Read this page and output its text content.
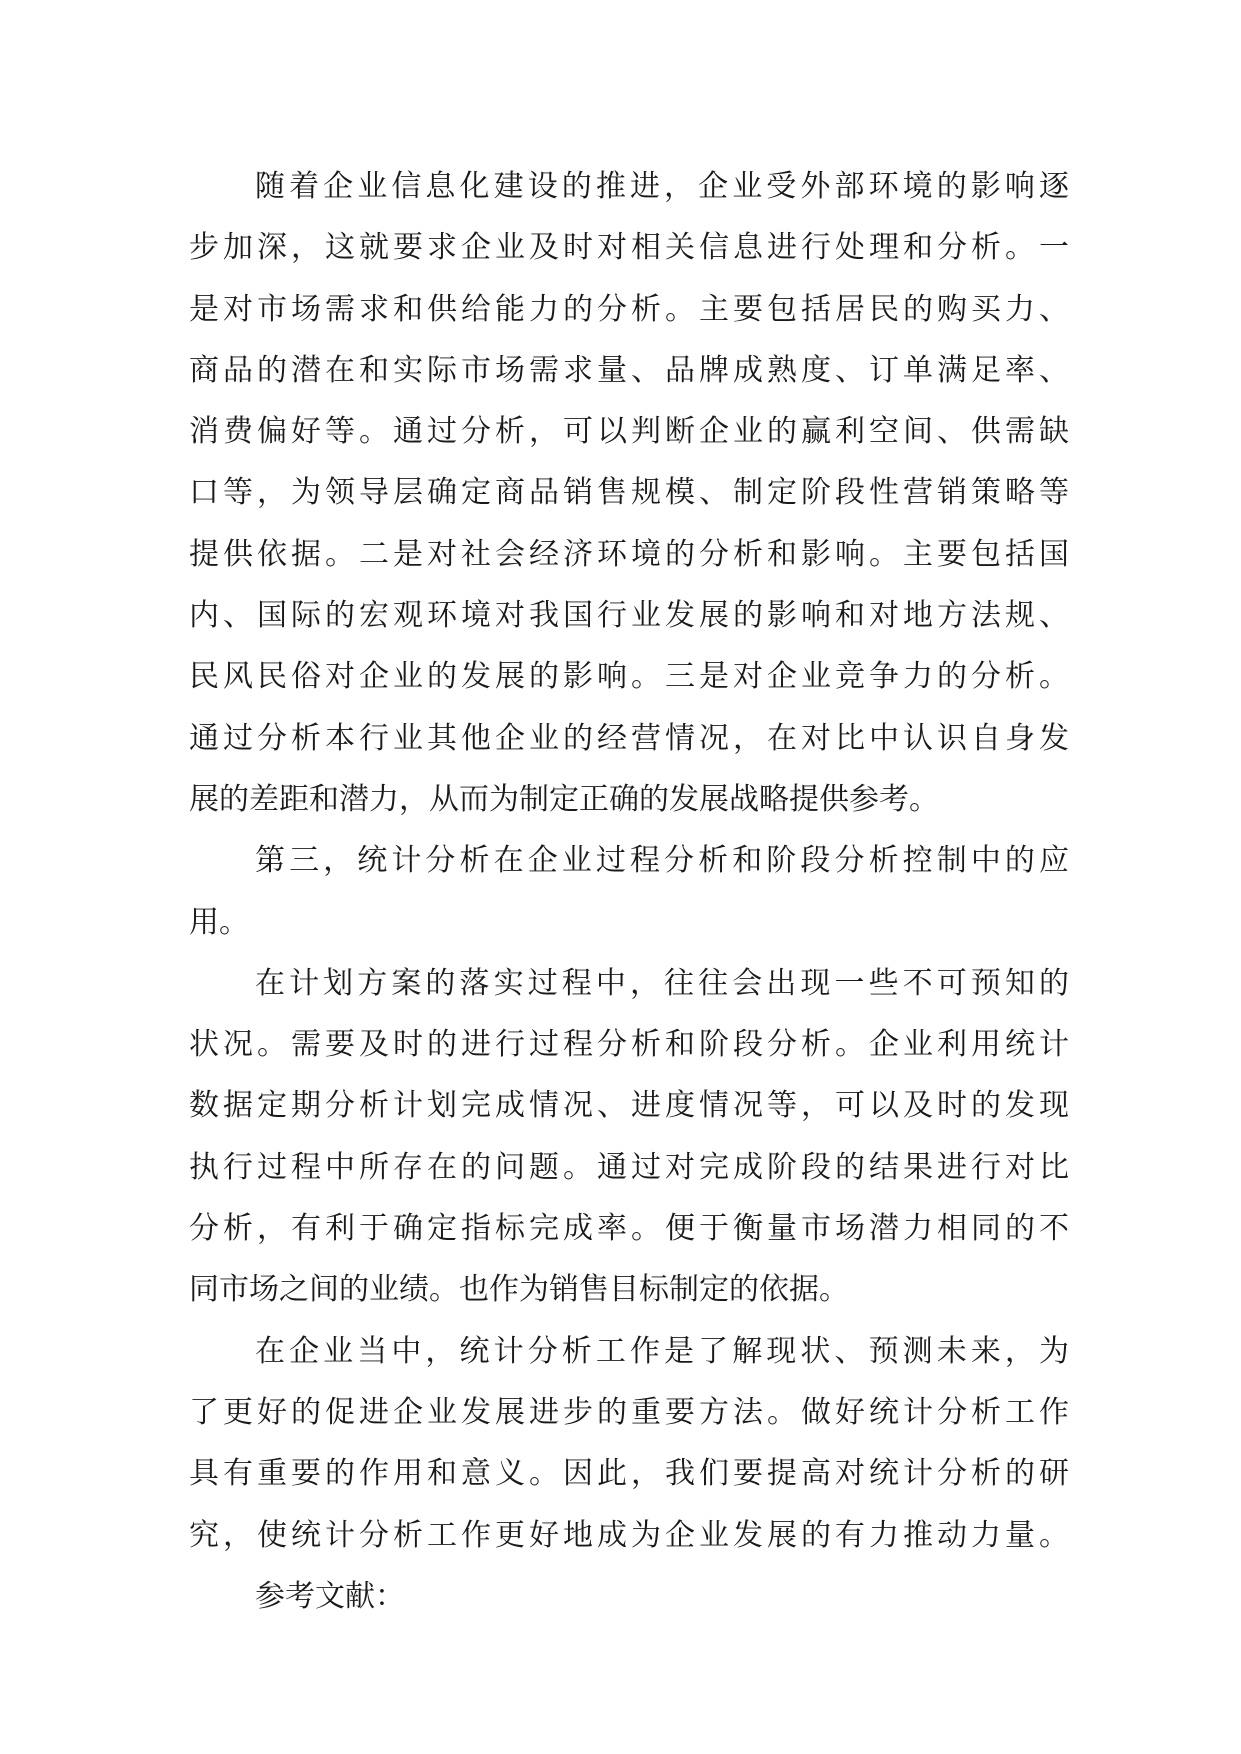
随着企业信息化建设的推进，企业受外部环境的影响逐
步加深，这就要求企业及时对相关信息进行处理和分析。一
是对市场需求和供给能力的分析。主要包括居民的购买力、
商品的潜在和实际市场需求量、品牌成熟度、订单满足率、
消费偏好等。通过分析，可以判断企业的赢利空间、供需缺
口等，为领导层确定商品销售规模、制定阶段性营销策略等
提供依据。二是对社会经济环境的分析和影响。主要包括国
内、国际的宏观环境对我国行业发展的影响和对地方法规、
民风民俗对企业的发展的影响。三是对企业竞争力的分析。
通过分析本行业其他企业的经营情况，在对比中认识自身发
展的差距和潜力，从而为制定正确的发展战略提供参考。
第三，统计分析在企业过程分析和阶段分析控制中的应
用。
在计划方案的落实过程中，往往会出现一些不可预知的
状况。需要及时的进行过程分析和阶段分析。企业利用统计
数据定期分析计划完成情况、进度情况等，可以及时的发现
执行过程中所存在的问题。通过对完成阶段的结果进行对比
分析，有利于确定指标完成率。便于衡量市场潜力相同的不
同市场之间的业绩。也作为销售目标制定的依据。
在企业当中，统计分析工作是了解现状、预测未来，为
了更好的促进企业发展进步的重要方法。做好统计分析工作
具有重要的作用和意义。因此，我们要提高对统计分析的研
究，使统计分析工作更好地成为企业发展的有力推动力量。
参考文献：
